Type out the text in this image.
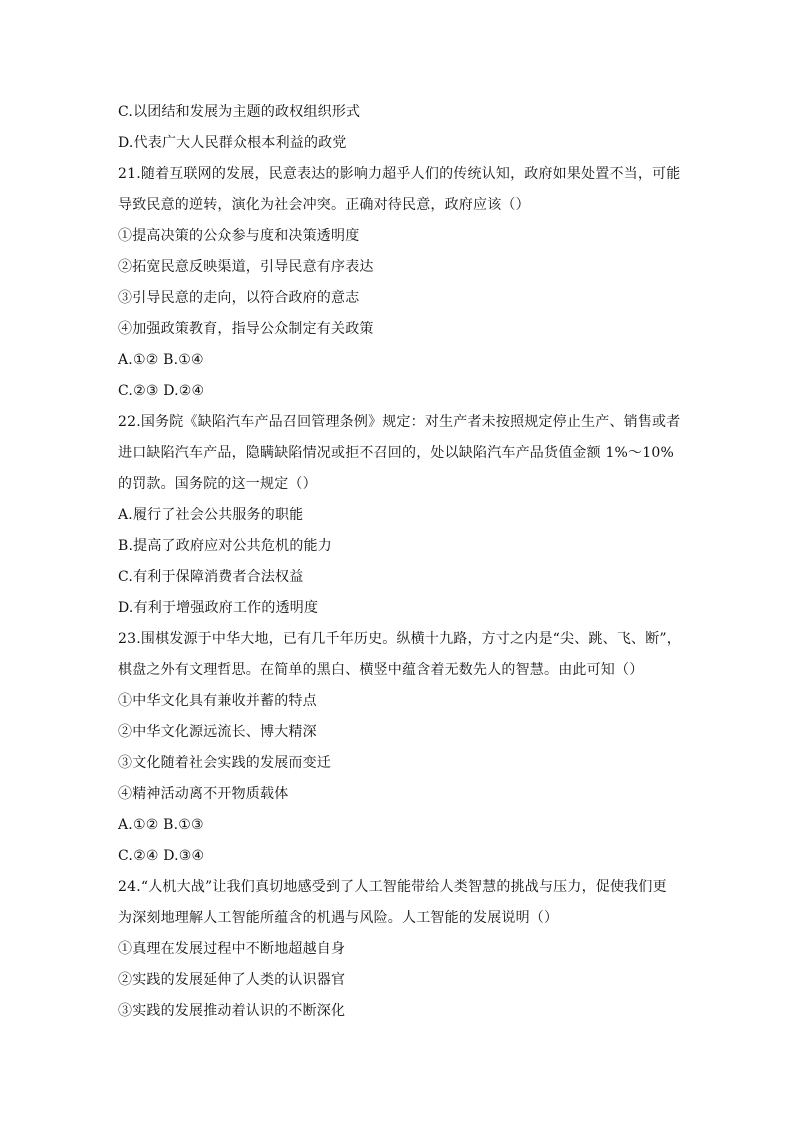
C.以团结和发展为主题的政权组织形式
D.代表广大人民群众根本利益的政党
21.随着互联网的发展，民意表达的影响力超乎人们的传统认知，政府如果处置不当，可能
导致民意的逆转，演化为社会冲突。正确对待民意，政府应该（）
①提高决策的公众参与度和决策透明度
②拓宽民意反映渠道，引导民意有序表达
③引导民意的走向，以符合政府的意志
④加强政策教育，指导公众制定有关政策
A.①② B.①④
C.②③ D.②④
22.国务院《缺陷汽车产品召回管理条例》规定：对生产者未按照规定停止生产、销售或者
进口缺陷汽车产品，隐瞒缺陷情况或拒不召回的，处以缺陷汽车产品货值金额 1%～10%
的罚款。国务院的这一规定（）
A.履行了社会公共服务的职能
B.提高了政府应对公共危机的能力
C.有利于保障消费者合法权益
D.有利于增强政府工作的透明度
23.围棋发源于中华大地，已有几千年历史。纵横十九路，方寸之内是“尖、跳、飞、断”，
棋盘之外有文理哲思。在简单的黑白、横竖中蕴含着无数先人的智慧。由此可知（）
①中华文化具有兼收并蓄的特点
②中华文化源远流长、博大精深
③文化随着社会实践的发展而变迁
④精神活动离不开物质载体
A.①② B.①③
C.②④ D.③④
24.“人机大战”让我们真切地感受到了人工智能带给人类智慧的挑战与压力，促使我们更
为深刻地理解人工智能所蕴含的机遇与风险。人工智能的发展说明（）
①真理在发展过程中不断地超越自身
②实践的发展延伸了人类的认识器官
③实践的发展推动着认识的不断深化
